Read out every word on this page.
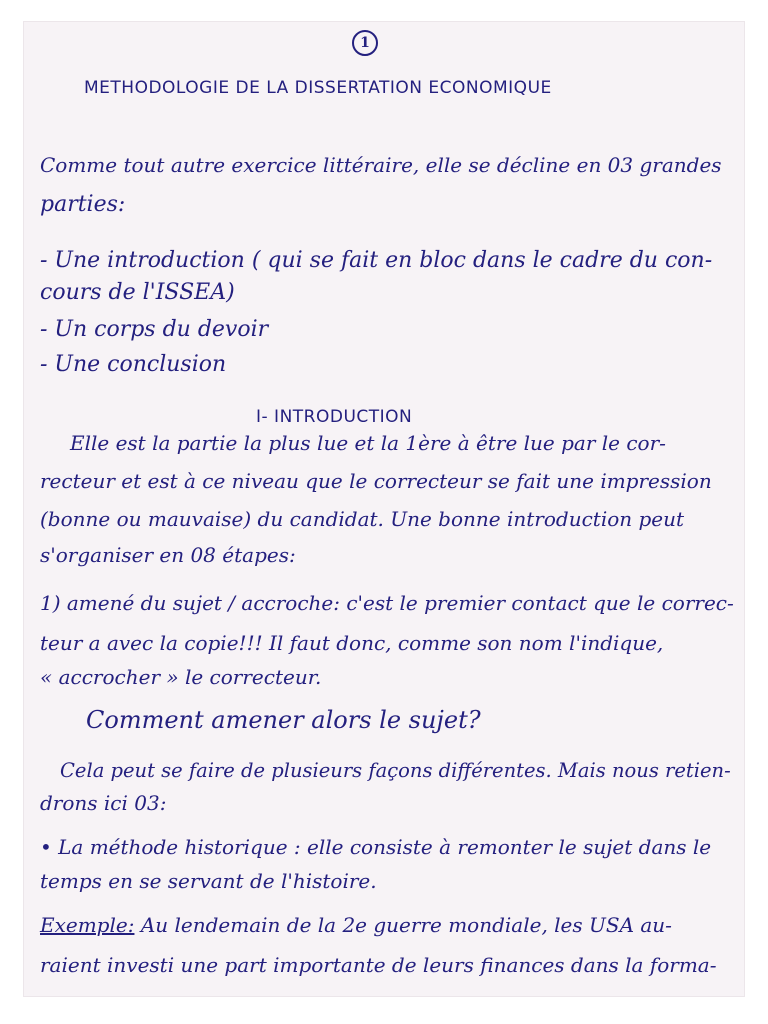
1
METHODOLOGIE DE LA DISSERTATION ECONOMIQUE
Comme tout autre exercice littéraire, elle se décline en 03 grandes
parties:
- Une introduction ( qui se fait en bloc dans le cadre du con-
cours de l'ISSEA)
- Un corps du devoir
- Une conclusion
I- INTRODUCTION
Elle est la partie la plus lue et la 1ère à être lue par le cor-
recteur et est à ce niveau que le correcteur se fait une impression
(bonne ou mauvaise) du candidat. Une bonne introduction peut
s'organiser en 08 étapes:
1) amené du sujet / accroche: c'est le premier contact que le correc-
teur a avec la copie!!! Il faut donc, comme son nom l'indique,
« accrocher » le correcteur.
Comment amener alors le sujet?
Cela peut se faire de plusieurs façons différentes. Mais nous retien-
drons ici 03:
• La méthode historique : elle consiste à remonter le sujet dans le
temps en se servant de l'histoire.
Exemple: Au lendemain de la 2e guerre mondiale, les USA au-
raient investi une part importante de leurs finances dans la forma-
